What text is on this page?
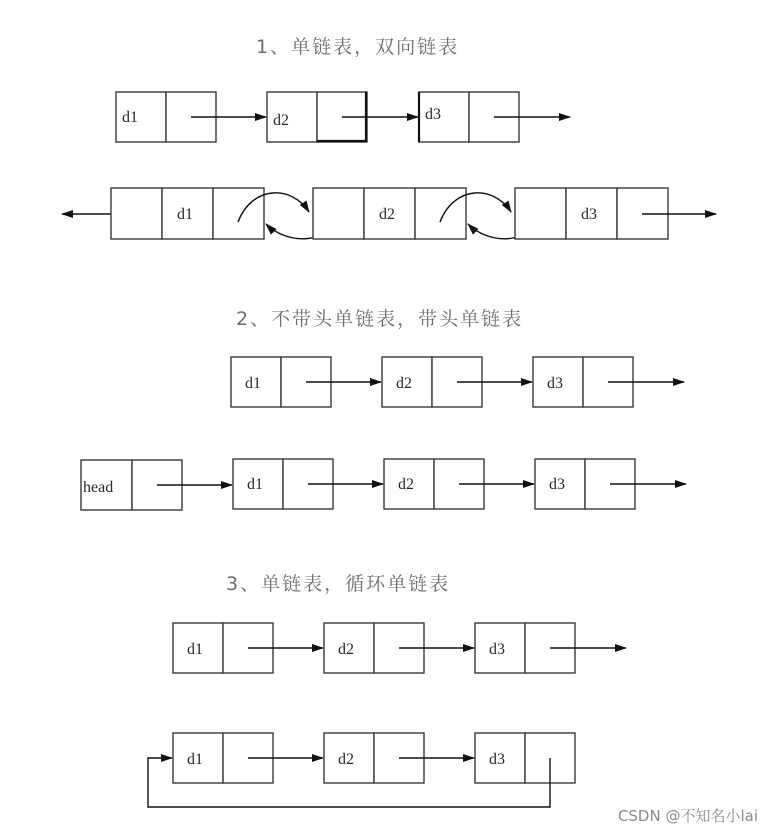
1、单链表，双向链表
2、不带头单链表，带头单链表
3、单链表，循环单链表
d1	d2	d3
d1	d2	d3
d1	d2	d3
head	d1	d2	d3
d1	d2	d3
d1	d2	d3
CSDN @不知名小lai
